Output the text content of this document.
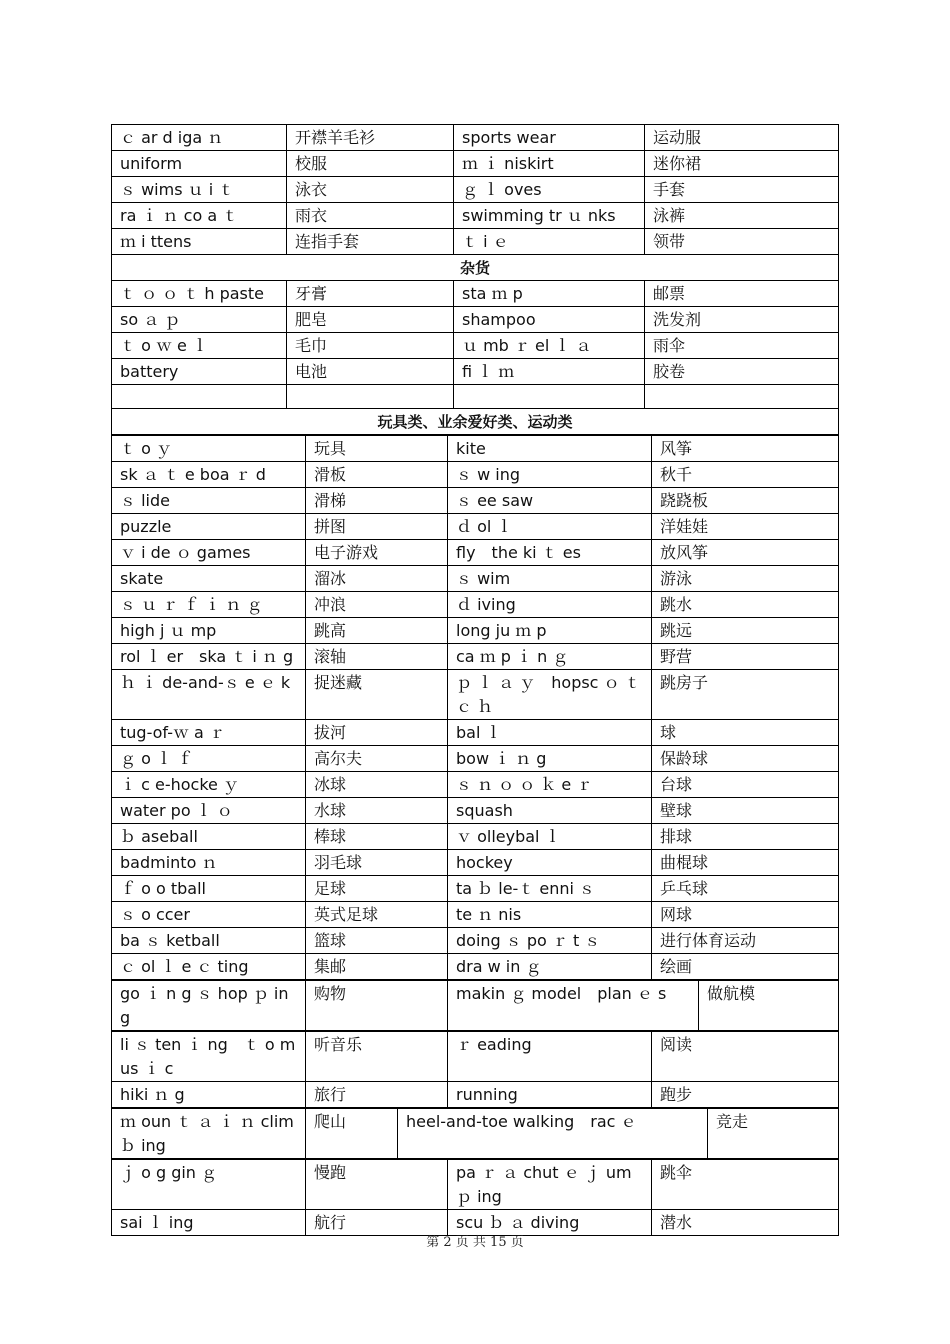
ｃ ar d iga ｎ	开襟羊毛衫	sports wear	运动服
uniform	校服	ｍ ｉ niskirt	迷你裙
ｓ wims ｕ i ｔ	泳衣	ｇ ｌ oves	手套
ra ｉ ｎ co a ｔ	雨衣	swimming tr ｕ nks	泳裤
ｍ i ttens	连指手套	ｔ i ｅ	领带
杂货			
ｔ ｏ ｏ ｔ h paste	牙膏	sta ｍ p	邮票
so ａ ｐ	肥皂	shampoo	洗发剂
ｔ o ｗ e ｌ	毛巾	ｕ mb ｒ el ｌ ａ	雨伞
battery	电池	fi ｌ ｍ	胶卷

玩具类、业余爱好类、运动类			
ｔ o ｙ	玩具	kite	风筝
sk ａ ｔ e boa ｒ d	滑板	ｓ w ing	秋千
ｓ lide	滑梯	ｓ ee saw	跷跷板
puzzle	拼图	ｄ ol ｌ	洋娃娃
ｖ i de ｏ games	电子游戏	fly　the ki ｔ es	放风筝
skate	溜冰	ｓ wim	游泳
ｓ ｕ ｒ ｆ ｉ ｎ ｇ	冲浪	ｄ iving	跳水
high j ｕ mp	跳高	long ju ｍ p	跳远
rol ｌ er　ska ｔ i ｎ g	滚轴	ca ｍ p ｉ n ｇ	野营
ｈ ｉ de-and-ｓ e ｅ k	捉迷藏	ｐ ｌ ａ ｙ　hopsc ｏ ｔ ｃ ｈ	跳房子
tug-of-ｗ a ｒ	拔河	bal ｌ	球
ｇ o ｌ ｆ	高尔夫	bow ｉ ｎ g	保龄球
ｉ c e-hocke ｙ	冰球	ｓ ｎ ｏ ｏ ｋ e ｒ	台球
water po ｌ ｏ	水球	squash	壁球
ｂ aseball	棒球	ｖ olleybal ｌ	排球
badminto ｎ	羽毛球	hockey	曲棍球
ｆ o o tball	足球	ta ｂ le-ｔ enni ｓ	乒乓球
ｓ o ccer	英式足球	te ｎ nis	网球
ba ｓ ketball	篮球	doing ｓ po ｒ t ｓ	进行体育运动
ｃ ol ｌ e ｃ ting	集邮	dra w in ｇ	绘画
go ｉ n g ｓ hop ｐ ing	购物	makin ｇ model　plan ｅ s	做航模
li ｓ ten ｉ ng　ｔ o mus ｉ c	听音乐	ｒ eading	阅读
hiki ｎ g	旅行	running	跑步
ｍ oun ｔ ａ ｉ ｎ clim ｂ ing	爬山	heel-and-toe walking　rac ｅ	竞走
ｊ o g gin ｇ	慢跑	pa ｒ ａ chut ｅ ｊ um ｐ ing	跳伞
sai ｌ ing	航行	scu ｂ ａ diving	潜水
第 2 页 共 15 页
